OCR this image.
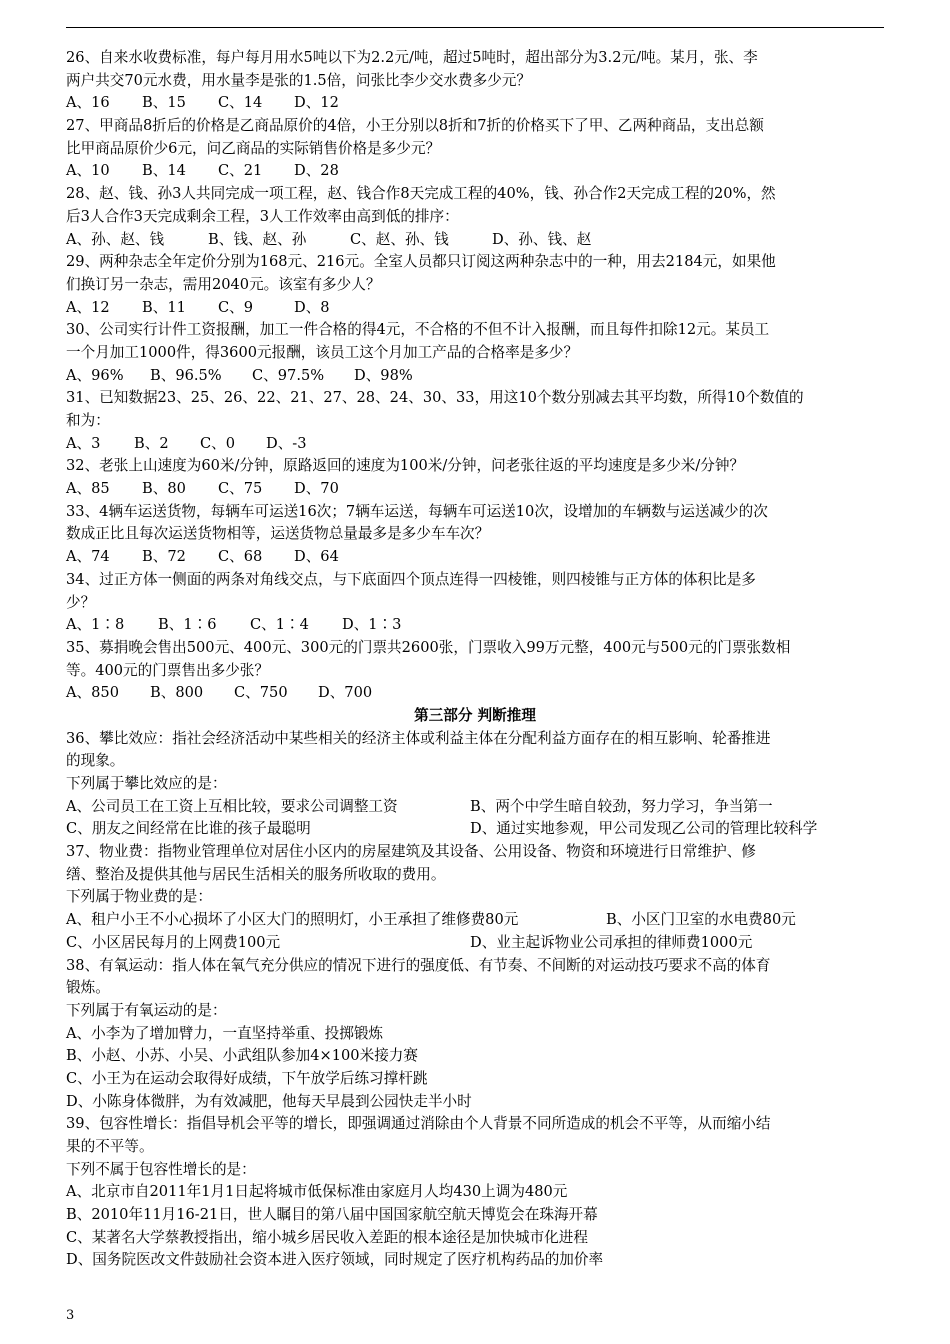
26、自来水收费标准，每户每月用水5吨以下为2.2元/吨，超过5吨时，超出部分为3.2元/吨。某月，张、李
两户共交70元水费，用水量李是张的1.5倍，问张比李少交水费多少元？
A、16 B、15 C、14 D、12
27、甲商品8折后的价格是乙商品原价的4倍，小王分别以8折和7折的价格买下了甲、乙两种商品，支出总额
比甲商品原价少6元，问乙商品的实际销售价格是多少元？
A、10 B、14 C、21 D、28
28、赵、钱、孙3人共同完成一项工程，赵、钱合作8天完成工程的40%，钱、孙合作2天完成工程的20%，然
后3人合作3天完成剩余工程，3人工作效率由高到低的排序：
A、孙、赵、钱	B、钱、赵、孙	C、赵、孙、钱	D、孙、钱、赵
29、两种杂志全年定价分别为168元、216元。全室人员都只订阅这两种杂志中的一种，用去2184元，如果他
们换订另一杂志，需用2040元。该室有多少人？
A、12 B、11 C、9	D、8
30、公司实行计件工资报酬，加工一件合格的得4元，不合格的不但不计入报酬，而且每件扣除12元。某员工
一个月加工1000件，得3600元报酬，该员工这个月加工产品的合格率是多少？
A、96% B、96.5% C、97.5% D、98%
31、已知数据23、25、26、22、21、27、28、24、30、33，用这10个数分别减去其平均数，所得10个数值的
和为：
A、3 B、2 C、0 D、-3
32、老张上山速度为60米/分钟，原路返回的速度为100米/分钟，问老张往返的平均速度是多少米/分钟？
A、85 B、80 C、75 D、70
33、4辆车运送货物，每辆车可运送16次；7辆车运送，每辆车可运送10次，设增加的车辆数与运送减少的次
数成正比且每次运送货物相等，运送货物总量最多是多少车车次？
A、74 B、72 C、68 D、64
34、过正方体一侧面的两条对角线交点，与下底面四个顶点连得一四棱锥，则四棱锥与正方体的体积比是多
少？
A、1∶8 B、1∶6 C、1∶4 D、1∶3
35、募捐晚会售出500元、400元、300元的门票共2600张，门票收入99万元整，400元与500元的门票张数相
等。400元的门票售出多少张？
A、850 B、800 C、750 D、700
第三部分 判断推理
36、攀比效应：指社会经济活动中某些相关的经济主体或利益主体在分配利益方面存在的相互影响、轮番推进
的现象。
下列属于攀比效应的是：
A、公司员工在工资上互相比较，要求公司调整工资	B、两个中学生暗自较劲，努力学习，争当第一
C、朋友之间经常在比谁的孩子最聪明	D、通过实地参观，甲公司发现乙公司的管理比较科学
37、物业费：指物业管理单位对居住小区内的房屋建筑及其设备、公用设备、物资和环境进行日常维护、修
缮、整治及提供其他与居民生活相关的服务所收取的费用。
下列属于物业费的是：
A、租户小王不小心损坏了小区大门的照明灯，小王承担了维修费80元	B、小区门卫室的水电费80元
C、小区居民每月的上网费100元	D、业主起诉物业公司承担的律师费1000元
38、有氧运动：指人体在氧气充分供应的情况下进行的强度低、有节奏、不间断的对运动技巧要求不高的体育
锻炼。
下列属于有氧运动的是：
A、小李为了增加臂力，一直坚持举重、投掷锻炼
B、小赵、小苏、小吴、小武组队参加4×100米接力赛
C、小王为在运动会取得好成绩，下午放学后练习撑杆跳
D、小陈身体微胖，为有效减肥，他每天早晨到公园快走半小时
39、包容性增长：指倡导机会平等的增长，即强调通过消除由个人背景不同所造成的机会不平等，从而缩小结
果的不平等。
下列不属于包容性增长的是：
A、北京市自2011年1月1日起将城市低保标准由家庭月人均430上调为480元
B、2010年11月16-21日，世人瞩目的第八届中国国家航空航天博览会在珠海开幕
C、某著名大学蔡教授指出，缩小城乡居民收入差距的根本途径是加快城市化进程
D、国务院医改文件鼓励社会资本进入医疗领域，同时规定了医疗机构药品的加价率
3
